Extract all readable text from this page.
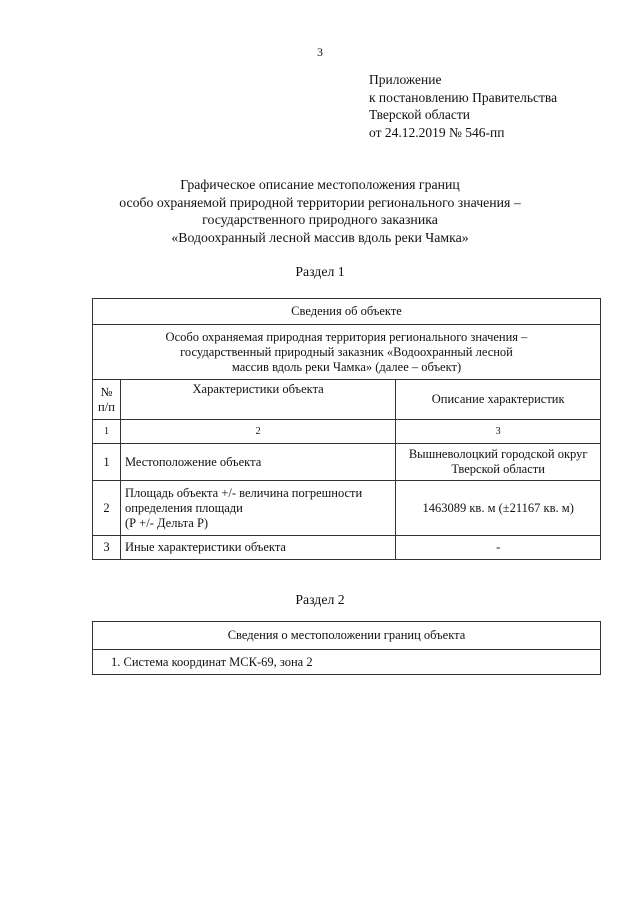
3
Приложение
к постановлению Правительства
Тверской области
от 24.12.2019 № 546-пп
Графическое описание местоположения границ
особо охраняемой природной территории регионального значения –
государственного природного заказника
«Водоохранный лесной массив вдоль реки Чамка»
Раздел 1
Сведения об объекте		

Особо охраняемая природная территория регионального значения –
государственный природный заказник «Водоохранный лесной
массив вдоль реки Чамка» (далее – объект)		

№
п/п	Характеристики объекта	Описание характеристик
1	2	3
1	Местоположение объекта	Вышневолоцкий городской округ
Тверской области

2	Площадь объекта +/- величина погрешности
определения площади
(Р +/- Дельта Р)	1463089 кв. м (±21167 кв. м)
3	Иные характеристики объекта	-
Раздел 2
Сведения о местоположении границ объекта
1. Система координат МСК-69, зона 2
